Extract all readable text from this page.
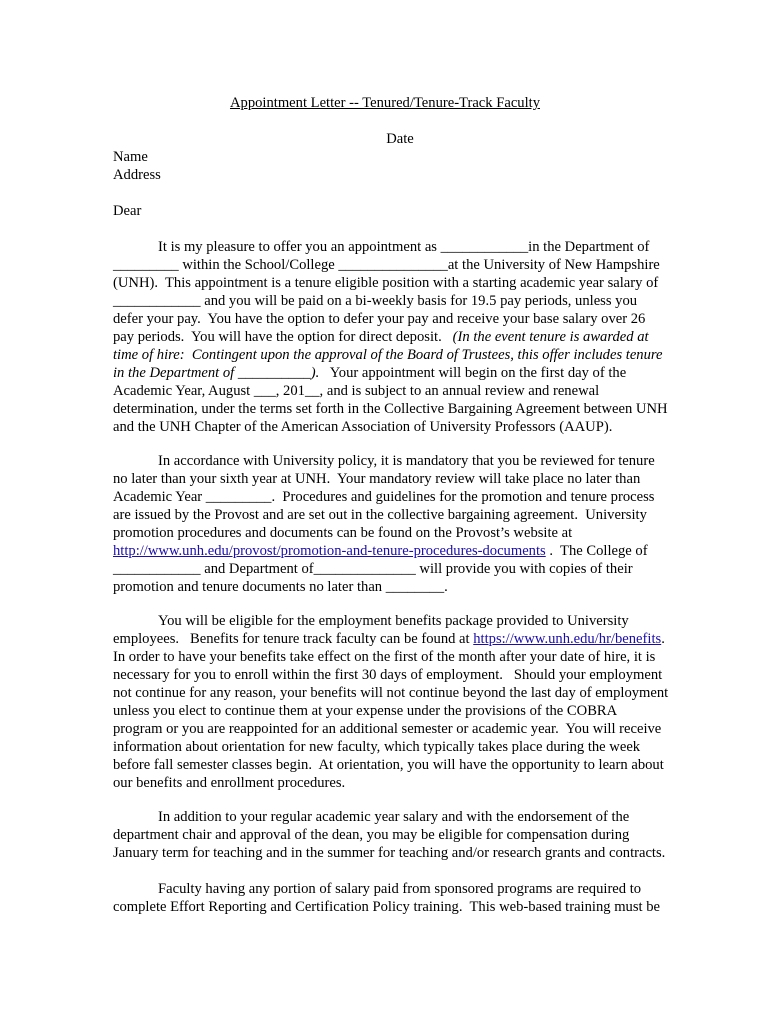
Appointment Letter -- Tenured/Tenure-Track Faculty
Date
Name
Address
Dear
It is my pleasure to offer you an appointment as ____________in the Department of
_________ within the School/College _______________at the University of New Hampshire
(UNH).  This appointment is a tenure eligible position with a starting academic year salary of
____________ and you will be paid on a bi-weekly basis for 19.5 pay periods, unless you
defer your pay.  You have the option to defer your pay and receive your base salary over 26
pay periods.  You will have the option for direct deposit.   (In the event tenure is awarded at
time of hire:  Contingent upon the approval of the Board of Trustees, this offer includes tenure
in the Department of __________).   Your appointment will begin on the first day of the
Academic Year, August ___, 201__, and is subject to an annual review and renewal
determination, under the terms set forth in the Collective Bargaining Agreement between UNH
and the UNH Chapter of the American Association of University Professors (AAUP).
In accordance with University policy, it is mandatory that you be reviewed for tenure
no later than your sixth year at UNH.  Your mandatory review will take place no later than
Academic Year _________.  Procedures and guidelines for the promotion and tenure process
are issued by the Provost and are set out in the collective bargaining agreement.  University
promotion procedures and documents can be found on the Provost’s website at
http://www.unh.edu/provost/promotion-and-tenure-procedures-documents .  The College of
____________ and Department of______________ will provide you with copies of their
promotion and tenure documents no later than ________.
You will be eligible for the employment benefits package provided to University
employees.   Benefits for tenure track faculty can be found at https://www.unh.edu/hr/benefits.
In order to have your benefits take effect on the first of the month after your date of hire, it is
necessary for you to enroll within the first 30 days of employment.   Should your employment
not continue for any reason, your benefits will not continue beyond the last day of employment
unless you elect to continue them at your expense under the provisions of the COBRA
program or you are reappointed for an additional semester or academic year.  You will receive
information about orientation for new faculty, which typically takes place during the week
before fall semester classes begin.  At orientation, you will have the opportunity to learn about
our benefits and enrollment procedures.
In addition to your regular academic year salary and with the endorsement of the
department chair and approval of the dean, you may be eligible for compensation during
January term for teaching and in the summer for teaching and/or research grants and contracts.
Faculty having any portion of salary paid from sponsored programs are required to
complete Effort Reporting and Certification Policy training.  This web-based training must be
